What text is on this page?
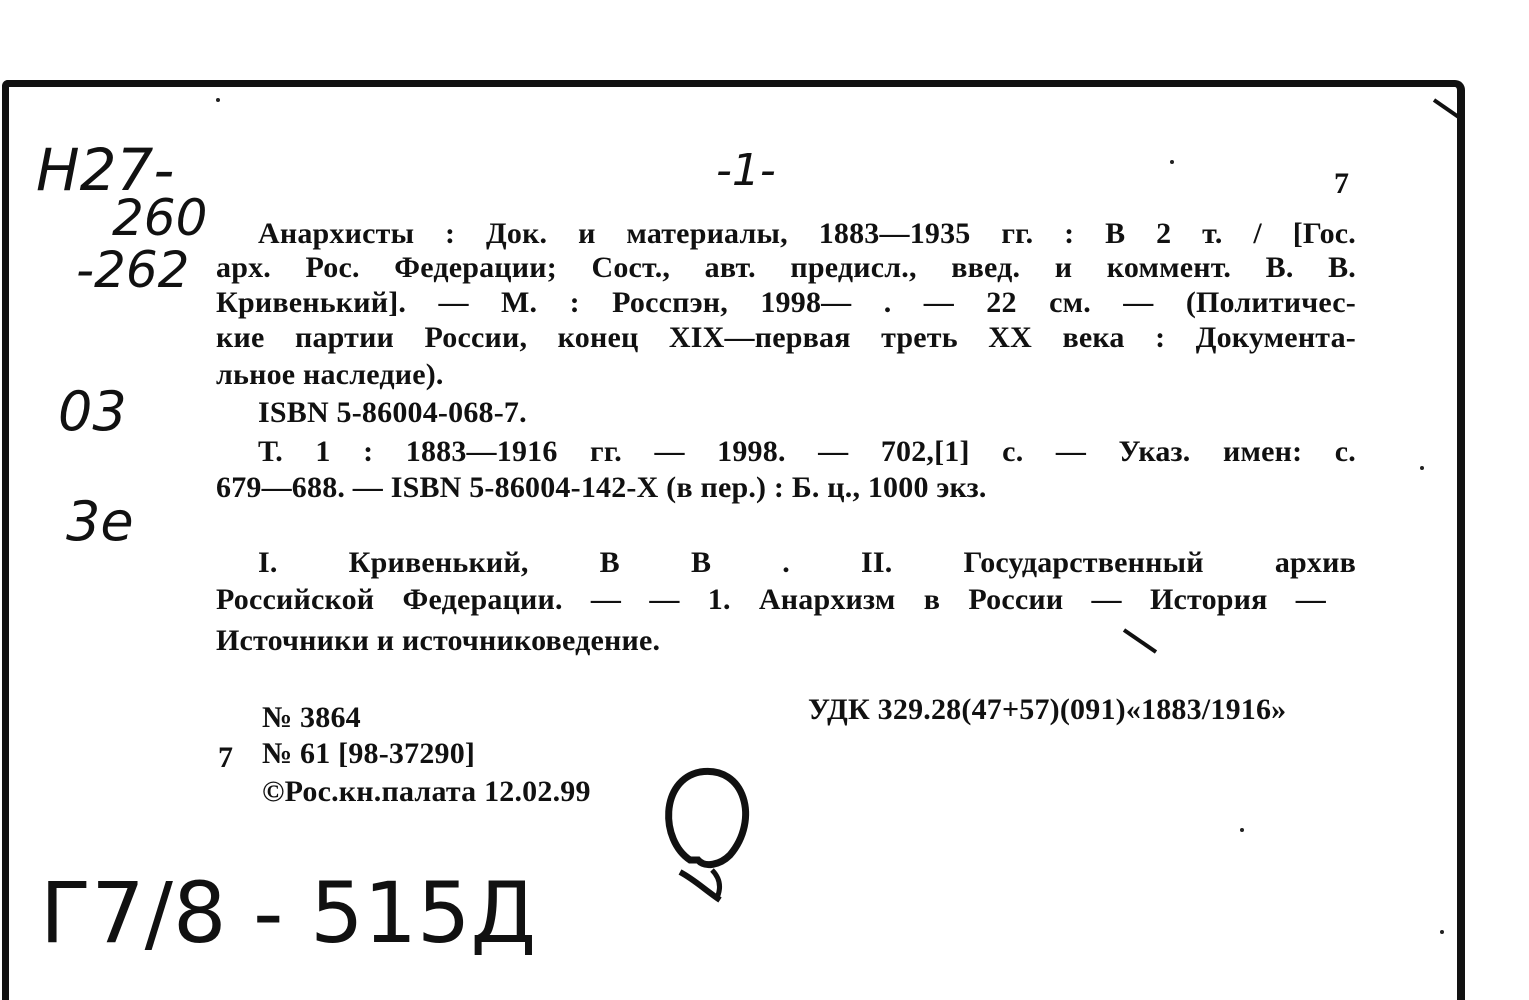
Н27-
260
-262
03
3е
Г7/8 - 515Д
-1-	7
Анархисты : Док. и материалы, 1883—1935 гг. : В 2 т. / [Гос.
арх. Рос. Федерации; Сост., авт. предисл., введ. и коммент. В. В.
Кривенький]. — М. : Росспэн, 1998— . — 22 см. — (Политичес-
кие партии России, конец XIX—первая треть XX века : Документа-
льное наследие).
ISBN 5-86004-068-7.
Т. 1 : 1883—1916 гг. — 1998. — 702,[1] с. — Указ. имен: с.
679—688. — ISBN 5-86004-142-X (в пер.) : Б. ц., 1000 экз.
I. Кривенький, В В . II. Государственный архив
Российской Федерации. — — 1. Анархизм в России — История —
Источники и источниковедение.
№ 3864	УДК 329.28(47+57)(091)«1883/1916»
7 № 61 [98-37290]
©Рос.кн.палата 12.02.99
